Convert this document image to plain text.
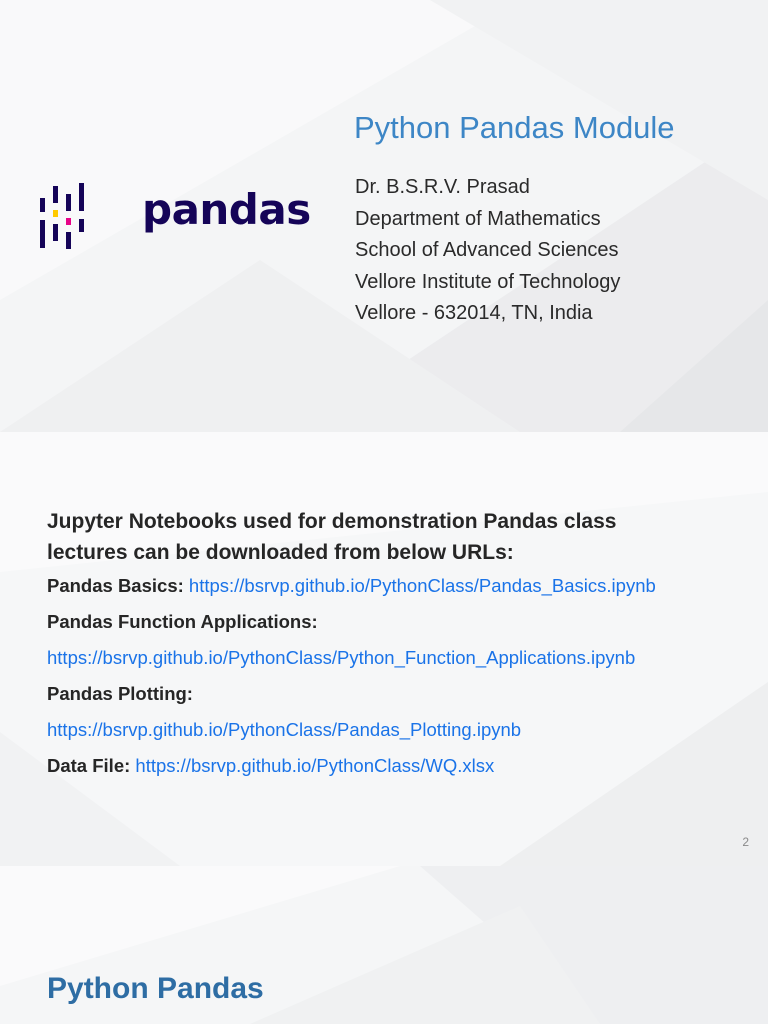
pandas
Python Pandas Module
Dr. B.S.R.V. Prasad
Department of Mathematics
School of Advanced Sciences
Vellore Institute of Technology
Vellore - 632014, TN, India

Jupyter Notebooks used for demonstration Pandas class
lectures can be downloaded from below URLs:

Pandas Basics: https://bsrvp.github.io/PythonClass/Pandas_Basics.ipynb

Pandas Function Applications:

https://bsrvp.github.io/PythonClass/Python_Function_Applications.ipynb

Pandas Plotting:

https://bsrvp.github.io/PythonClass/Pandas_Plotting.ipynb

Data File: https://bsrvp.github.io/PythonClass/WQ.xlsx

2
Python Pandas
